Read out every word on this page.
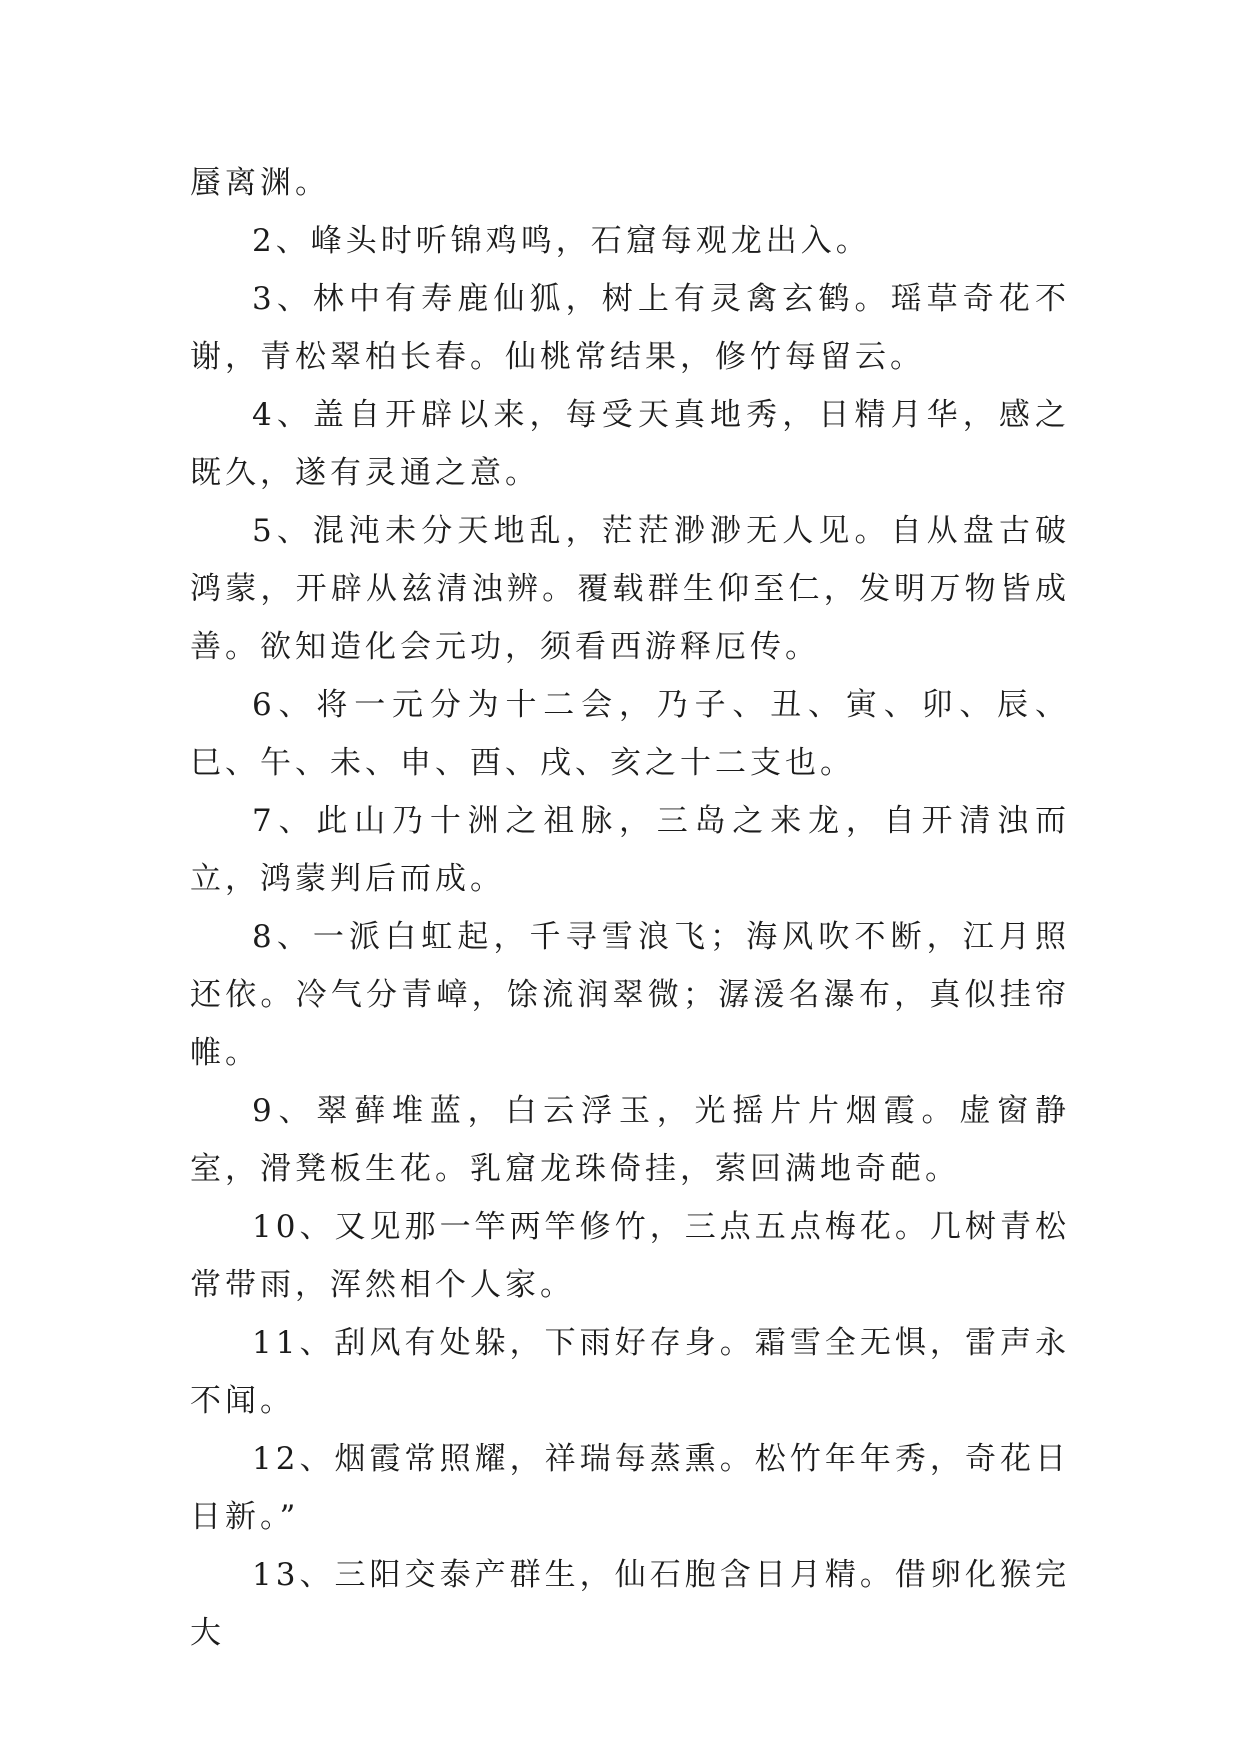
蜃离渊。

2、峰头时听锦鸡鸣，石窟每观龙出入。

3、林中有寿鹿仙狐，树上有灵禽玄鹤。瑶草奇花不谢，青松翠柏长春。仙桃常结果，修竹每留云。

4、盖自开辟以来，每受天真地秀，日精月华，感之既久，遂有灵通之意。

5、混沌未分天地乱，茫茫渺渺无人见。自从盘古破鸿蒙，开辟从兹清浊辨。覆载群生仰至仁，发明万物皆成善。欲知造化会元功，须看西游释厄传。

6、将一元分为十二会，乃子、丑、寅、卯、辰、巳、午、未、申、酉、戌、亥之十二支也。

7、此山乃十洲之祖脉，三岛之来龙，自开清浊而立，鸿蒙判后而成。

8、一派白虹起，千寻雪浪飞；海风吹不断，江月照还依。冷气分青嶂，馀流润翠微；潺湲名瀑布，真似挂帘帷。

9、翠藓堆蓝，白云浮玉，光摇片片烟霞。虚窗静室，滑凳板生花。乳窟龙珠倚挂，萦回满地奇葩。

10、又见那一竿两竿修竹，三点五点梅花。几树青松常带雨，浑然相个人家。

11、刮风有处躲，下雨好存身。霜雪全无惧，雷声永不闻。

12、烟霞常照耀，祥瑞每蒸熏。松竹年年秀，奇花日日新。”

13、三阳交泰产群生，仙石胞含日月精。借卵化猴完大
